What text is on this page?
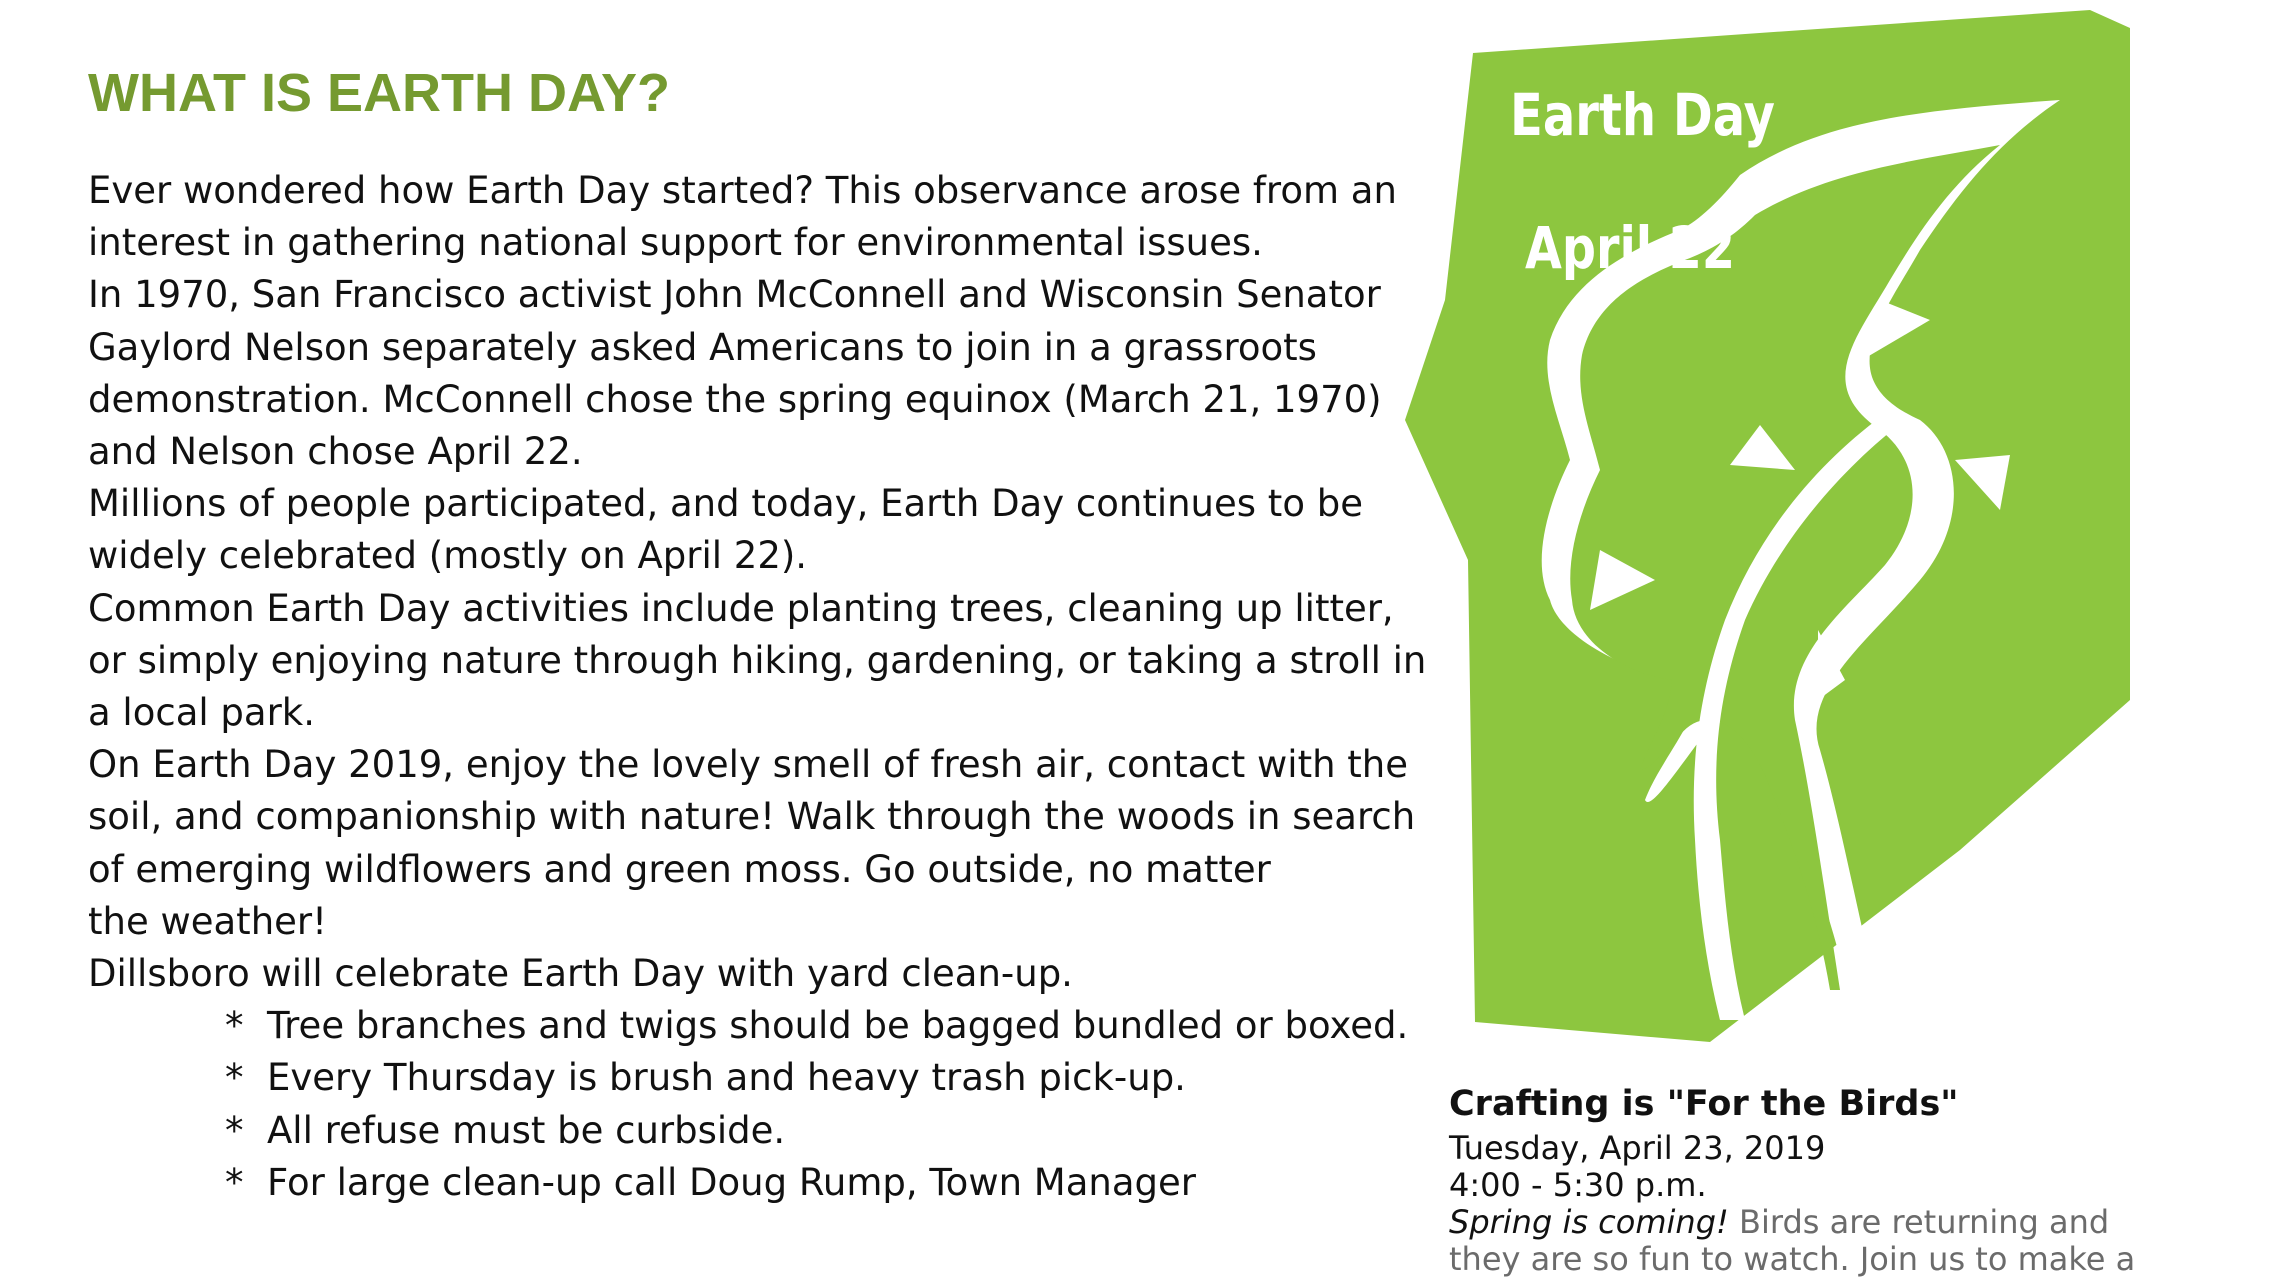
WHAT IS EARTH DAY?
Ever wondered how Earth Day started? This observance arose from an
interest in gathering national support for environmental issues.
In 1970, San Francisco activist John McConnell and Wisconsin Senator
Gaylord Nelson separately asked Americans to join in a grassroots
demonstration. McConnell chose the spring equinox (March 21, 1970)
and Nelson chose April 22.
Millions of people participated, and today, Earth Day continues to be
widely celebrated (mostly on April 22).
Common Earth Day activities include planting trees, cleaning up litter,
or simply enjoying nature through hiking, gardening, or taking a stroll in
a local park.
On Earth Day 2019, enjoy the lovely smell of fresh air, contact with the
soil, and companionship with nature! Walk through the woods in search
of emerging wildflowers and green moss. Go outside, no matter
the weather!
Dillsboro will celebrate Earth Day with yard clean-up.
* Tree branches and twigs should be bagged bundled or boxed.
* Every Thursday is brush and heavy trash pick-up.
* All refuse must be curbside.
* For large clean-up call Doug Rump, Town Manager
Earth Day
April 22
Crafting is "For the Birds"
Tuesday, April 23, 2019
4:00 - 5:30 p.m.
Spring is coming! Birds are returning and
they are so fun to watch. Join us to make a
